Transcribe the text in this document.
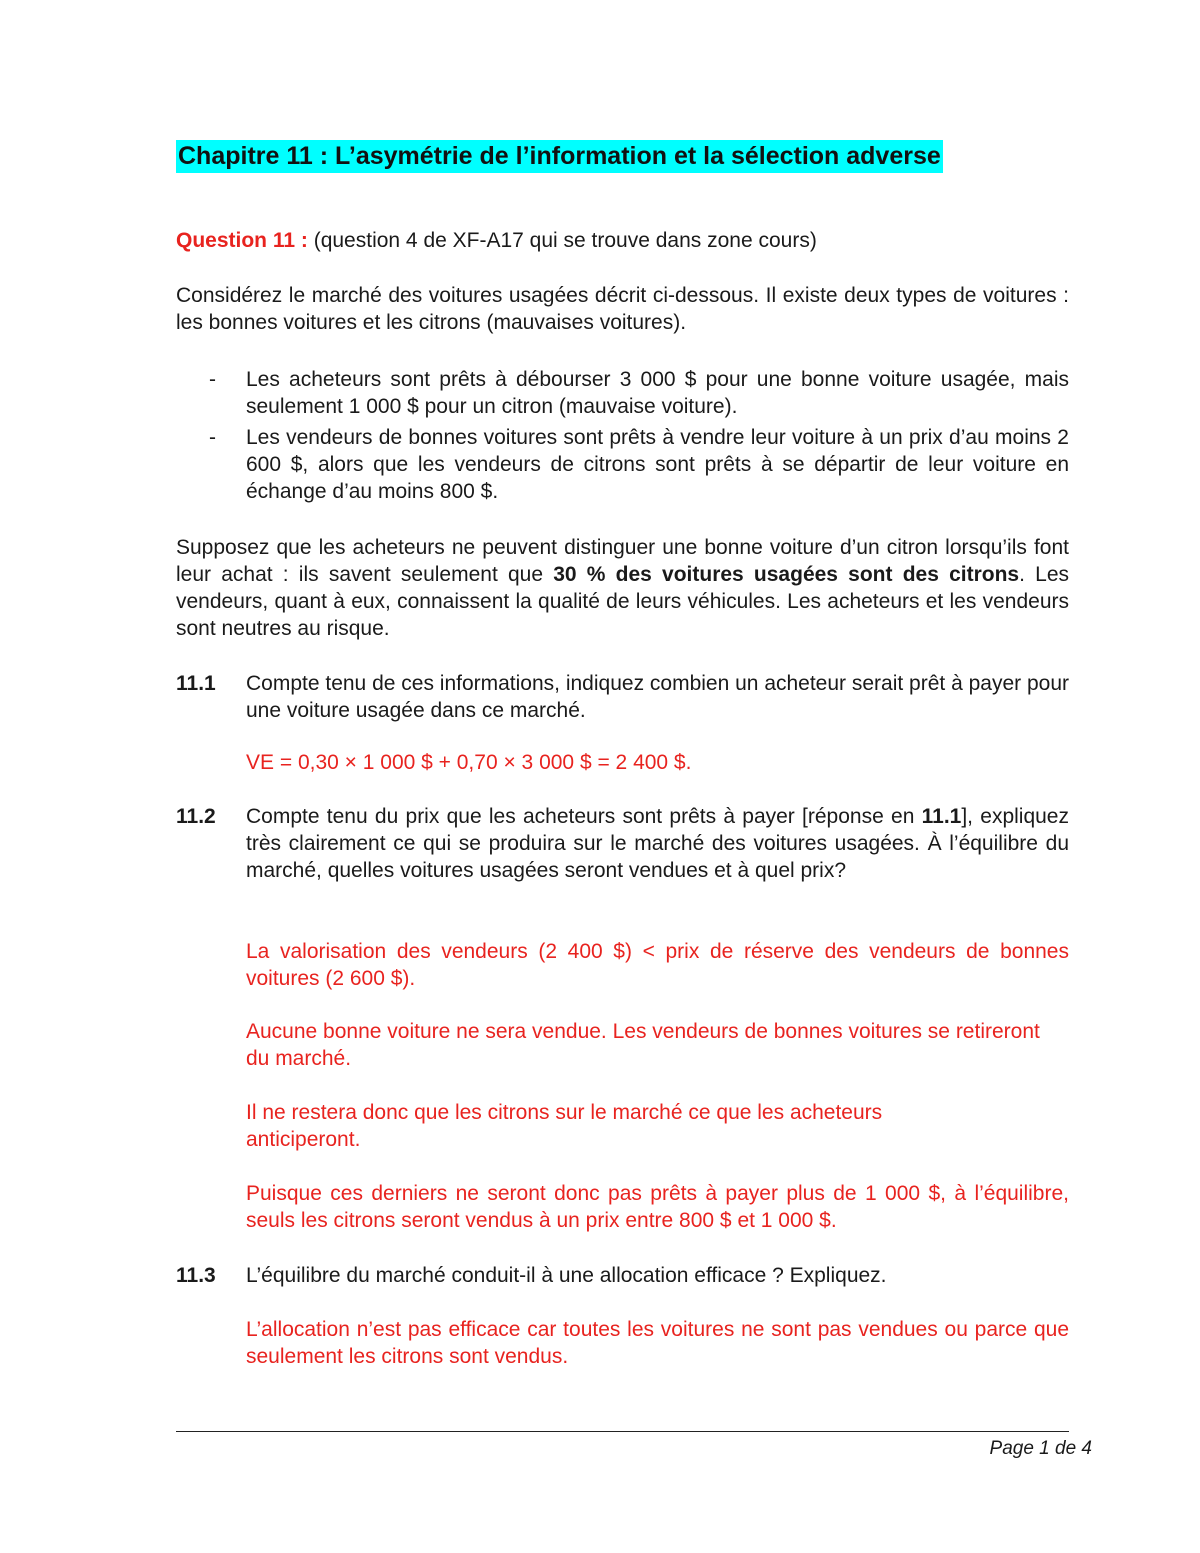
Chapitre 11 : L’asymétrie de l’information et la sélection adverse

Question 11 : (question 4 de XF-A17 qui se trouve dans zone cours)

Considérez le marché des voitures usagées décrit ci-dessous. Il existe deux types de voitures : les bonnes voitures et les citrons (mauvaises voitures).

- Les acheteurs sont prêts à débourser 3 000 $ pour une bonne voiture usagée, mais seulement 1 000 $ pour un citron (mauvaise voiture).

- Les vendeurs de bonnes voitures sont prêts à vendre leur voiture à un prix d’au moins 2 600 $, alors que les vendeurs de citrons sont prêts à se départir de leur voiture en échange d’au moins 800 $.

Supposez que les acheteurs ne peuvent distinguer une bonne voiture d’un citron lorsqu’ils font leur achat : ils savent seulement que 30 % des voitures usagées sont des citrons. Les vendeurs, quant à eux, connaissent la qualité de leurs véhicules. Les acheteurs et les vendeurs sont neutres au risque.

11.1 Compte tenu de ces informations, indiquez combien un acheteur serait prêt à payer pour une voiture usagée dans ce marché.

VE = 0,30 × 1 000 $ + 0,70 × 3 000 $ = 2 400 $.

11.2 Compte tenu du prix que les acheteurs sont prêts à payer [réponse en 11.1], expliquez très clairement ce qui se produira sur le marché des voitures usagées. À l’équilibre du marché, quelles voitures usagées seront vendues et à quel prix?

La valorisation des vendeurs (2 400 $) < prix de réserve des vendeurs de bonnes voitures (2 600 $).

Aucune bonne voiture ne sera vendue. Les vendeurs de bonnes voitures se retireront du marché.

Il ne restera donc que les citrons sur le marché ce que les acheteurs anticiperont.

Puisque ces derniers ne seront donc pas prêts à payer plus de 1 000 $, à l’équilibre, seuls les citrons seront vendus à un prix entre 800 $ et 1 000 $.

11.3 L’équilibre du marché conduit-il à une allocation efficace ? Expliquez.

L’allocation n’est pas efficace car toutes les voitures ne sont pas vendues ou parce que seulement les citrons sont vendus.

Page 1 de 4
